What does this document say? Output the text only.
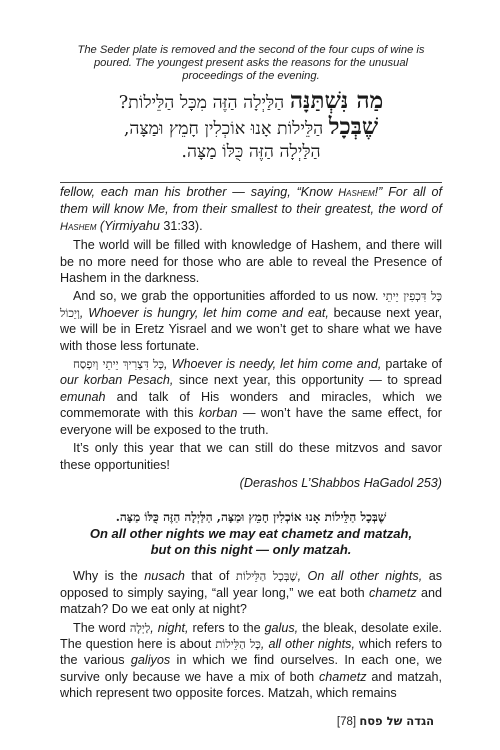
The Seder plate is removed and the second of the four cups of wine is poured. The youngest present asks the reasons for the unusual proceedings of the evening.

מַה נִּשְׁתַּנָּה הַלַּיְלָה הַזֶּה מִכָּל הַלֵּילוֹת?
שֶׁבְּכָל הַלֵּילוֹת אָנוּ אוֹכְלִין חָמֵץ וּמַצָּה,
הַלַּיְלָה הַזֶּה כֻּלּוֹ מַצָּה.

fellow, each man his brother — saying, “Know Hashem!” For all of them will know Me, from their smallest to their greatest, the word of Hashem (Yirmiyahu 31:33).

The world will be filled with knowledge of Hashem, and there will be no more need for those who are able to reveal the Presence of Hashem in the darkness.

And so, we grab the opportunities afforded to us now. כָּל דִּכְפִין יֵיתֵי וְיֵכוֹל, Whoever is hungry, let him come and eat, because next year, we will be in Eretz Yisrael and we won’t get to share what we have with those less fortunate.

כָּל דִּצְרִיךְ יֵיתֵי וְיִפְסַח, Whoever is needy, let him come and, partake of our korban Pesach, since next year, this opportunity — to spread emunah and talk of His wonders and miracles, which we commemorate with this korban — won’t have the same effect, for everyone will be exposed to the truth.

It’s only this year that we can still do these mitzvos and savor these opportunities!

(Derashos L’Shabbos HaGadol 253)

שֶׁבְּכָל הַלֵּילוֹת אָנוּ אוֹכְלִין חָמֵץ וּמַצָּה, הַלַּיְלָה הַזֶּה כֻּלּוֹ מַצָּה.
On all other nights we may eat chametz and matzah,
but on this night — only matzah.

Why is the nusach that of שֶׁבְּכָל הַלֵּילוֹת, On all other nights, as opposed to simply saying, “all year long,” we eat both chametz and matzah? Do we eat only at night?

The word לַיְלָה, night, refers to the galus, the bleak, desolate exile. The question here is about כָּל הַלֵּילוֹת, all other nights, which refers to the various galiyos in which we find ourselves. In each one, we survive only because we have a mix of both chametz and matzah, which represent two opposite forces. Matzah, which remains

הגדה של פסח [78]
